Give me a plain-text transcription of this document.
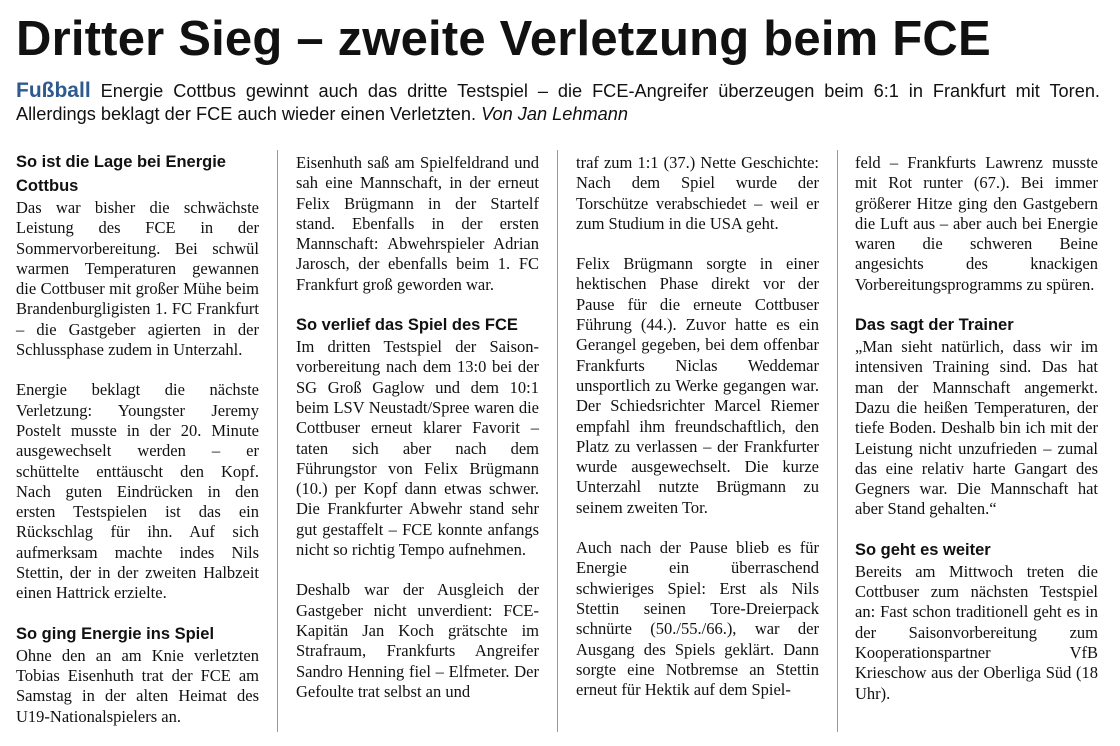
Dritter Sieg – zweite Verletzung beim FCE
Fußball Energie Cottbus gewinnt auch das dritte Testspiel – die FCE-Angreifer überzeugen beim 6:1 in Frankfurt mit Toren. Allerdings beklagt der FCE auch wieder einen Verletzten. Von Jan Lehmann
So ist die Lage bei Energie Cottbus

Das war bisher die schwächste Leistung des FCE in der Sommervorbereitung. Bei schwül warmen Temperaturen gewannen die Cottbuser mit großer Mühe beim Brandenburgligisten 1. FC Frankfurt – die Gastgeber agierten in der Schlussphase zudem in Unterzahl.

Energie beklagt die nächste Verletzung: Youngster Jeremy Postelt musste in der 20. Minute ausgewechselt werden – er schüttelte enttäuscht den Kopf. Nach guten Eindrücken in den ersten Testspielen ist das ein Rückschlag für ihn. Auf sich aufmerksam machte indes Nils Stettin, der in der zweiten Halbzeit einen Hattrick erzielte.

So ging Energie ins Spiel

Ohne den an am Knie verletzten Tobias Eisenhuth trat der FCE am Samstag in der alten Heimat des U19-Nationalspielers an.

Eisenhuth saß am Spielfeldrand und sah eine Mannschaft, in der erneut Felix Brügmann in der Startelf stand. Ebenfalls in der ersten Mannschaft: Abwehrspieler Adrian Jarosch, der ebenfalls beim 1. FC Frankfurt groß geworden war.

So verlief das Spiel des FCE

Im dritten Testspiel der Saisonvorbereitung nach dem 13:0 bei der SG Groß Gaglow und dem 10:1 beim LSV Neustadt/Spree waren die Cottbuser erneut klarer Favorit – taten sich aber nach dem Führungstor von Felix Brügmann (10.) per Kopf dann etwas schwer. Die Frankfurter Abwehr stand sehr gut gestaffelt – FCE konnte anfangs nicht so richtig Tempo aufnehmen.

Deshalb war der Ausgleich der Gastgeber nicht unverdient: FCE-Kapitän Jan Koch grätschte im Strafraum, Frankfurts Angreifer Sandro Henning fiel – Elfmeter. Der Gefoulte trat selbst an und

traf zum 1:1 (37.) Nette Geschichte: Nach dem Spiel wurde der Torschütze verabschiedet – weil er zum Studium in die USA geht.

Felix Brügmann sorgte in einer hektischen Phase direkt vor der Pause für die erneute Cottbuser Führung (44.). Zuvor hatte es ein Gerangel gegeben, bei dem offenbar Frankfurts Niclas Weddemar unsportlich zu Werke gegangen war. Der Schiedsrichter Marcel Riemer empfahl ihm freundschaftlich, den Platz zu verlassen – der Frankfurter wurde ausgewechselt. Die kurze Unterzahl nutzte Brügmann zu seinem zweiten Tor.

Auch nach der Pause blieb es für Energie ein überraschend schwieriges Spiel: Erst als Nils Stettin seinen Tore-Dreierpack schnürte (50./55./66.), war der Ausgang des Spiels geklärt. Dann sorgte eine Notbremse an Stettin erneut für Hektik auf dem Spiel-

feld – Frankfurts Lawrenz musste mit Rot runter (67.). Bei immer größerer Hitze ging den Gastgebern die Luft aus – aber auch bei Energie waren die schweren Beine angesichts des knackigen Vorbereitungsprogramms zu spüren.

Das sagt der Trainer

„Man sieht natürlich, dass wir im intensiven Training sind. Das hat man der Mannschaft angemerkt. Dazu die heißen Temperaturen, der tiefe Boden. Deshalb bin ich mit der Leistung nicht unzufrieden – zumal das eine relativ harte Gangart des Gegners war. Die Mannschaft hat aber Stand gehalten.“

So geht es weiter

Bereits am Mittwoch treten die Cottbuser zum nächsten Testspiel an: Fast schon traditionell geht es in der Saisonvorbereitung zum Kooperationspartner VfB Krieschow aus der Oberliga Süd (18 Uhr).
